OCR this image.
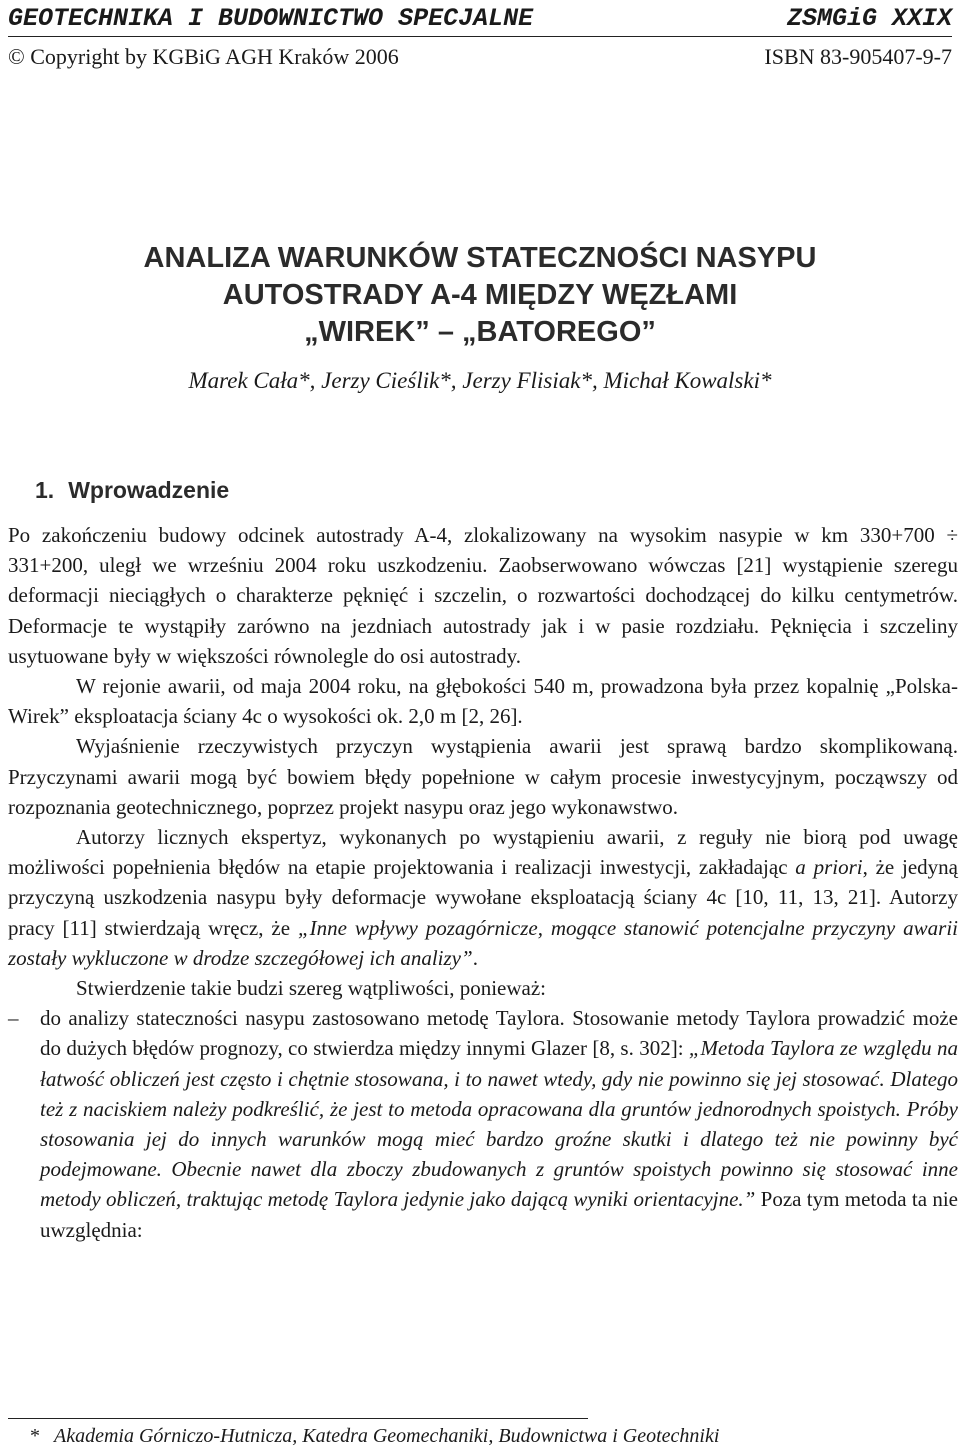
GEOTECHNIKA I BUDOWNICTWO SPECJALNE	ZSMGiG XXIX
© Copyright by KGBiG AGH Kraków 2006	ISBN 83-905407-9-7
ANALIZA WARUNKÓW STATECZNOŚCI NASYPU
AUTOSTRADY A-4 MIĘDZY WĘZŁAMI
„WIREK” – „BATOREGO”
Marek Cała*, Jerzy Cieślik*, Jerzy Flisiak*, Michał Kowalski*
1. Wprowadzenie

Po zakończeniu budowy odcinek autostrady A-4, zlokalizowany na wysokim nasypie w km 330+700 ÷ 331+200, uległ we wrześniu 2004 roku uszkodzeniu. Zaobserwowano wówczas [21] wystąpienie szeregu deformacji nieciągłych o charakterze pęknięć i szczelin, o rozwartości dochodzącej do kilku centymetrów. Deformacje te wystąpiły zarówno na jezdniach autostrady jak i w pasie rozdziału. Pęknięcia i szczeliny usytuowane były w większości równolegle do osi autostrady.

W rejonie awarii, od maja 2004 roku, na głębokości 540 m, prowadzona była przez kopalnię „Polska-Wirek” eksploatacja ściany 4c o wysokości ok. 2,0 m [2, 26].

Wyjaśnienie rzeczywistych przyczyn wystąpienia awarii jest sprawą bardzo skomplikowaną. Przyczynami awarii mogą być bowiem błędy popełnione w całym procesie inwestycyjnym, począwszy od rozpoznania geotechnicznego, poprzez projekt nasypu oraz jego wykonawstwo.

Autorzy licznych ekspertyz, wykonanych po wystąpieniu awarii, z reguły nie biorą pod uwagę możliwości popełnienia błędów na etapie projektowania i realizacji inwestycji, zakładając a priori, że jedyną przyczyną uszkodzenia nasypu były deformacje wywołane eksploatacją ściany 4c [10, 11, 13, 21]. Autorzy pracy [11] stwierdzają wręcz, że „Inne wpływy pozagórnicze, mogące stanowić potencjalne przyczyny awarii zostały wykluczone w drodze szczegółowej ich analizy”.

Stwierdzenie takie budzi szereg wątpliwości, ponieważ:

– do analizy stateczności nasypu zastosowano metodę Taylora. Stosowanie metody Taylora prowadzić może do dużych błędów prognozy, co stwierdza między innymi Glazer [8, s. 302]: „Metoda Taylora ze względu na łatwość obliczeń jest często i chętnie stosowana, i to nawet wtedy, gdy nie powinno się jej stosować. Dlatego też z naciskiem należy podkreślić, że jest to metoda opracowana dla gruntów jednorodnych spoistych. Próby stosowania jej do innych warunków mogą mieć bardzo groźne skutki i dlatego też nie powinny być podejmowane. Obecnie nawet dla zboczy zbudowanych z gruntów spoistych powinno się stosować inne metody obliczeń, traktując metodę Taylora jedynie jako dającą wyniki orientacyjne.” Poza tym metoda ta nie uwzględnia:

* Akademia Górniczo-Hutnicza, Katedra Geomechaniki, Budownictwa i Geotechniki
